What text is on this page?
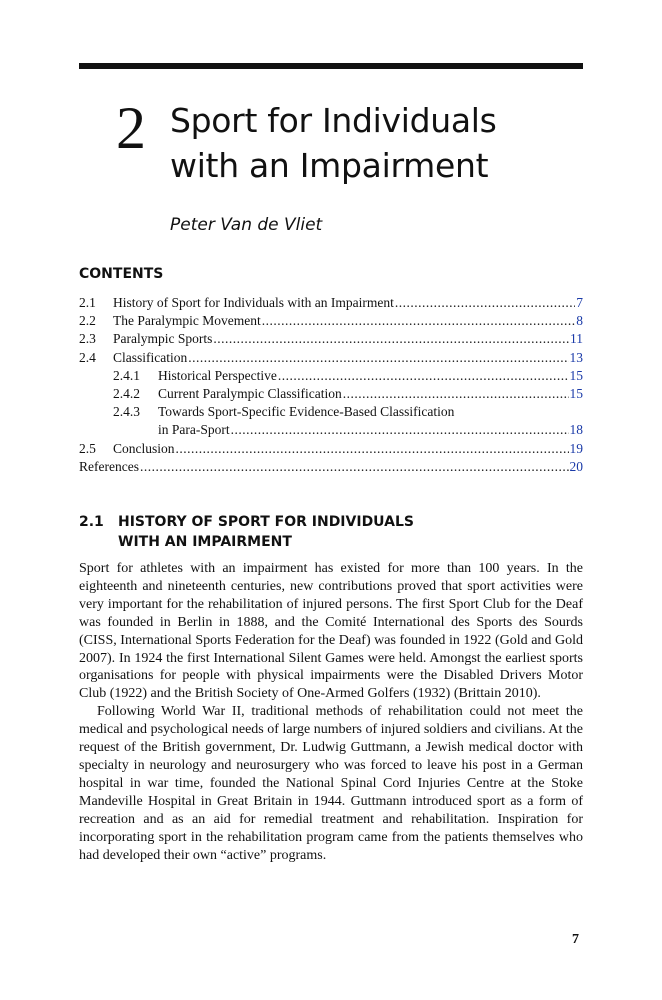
2 Sport for Individuals
with an Impairment
Peter Van de Vliet
CONTENTS
2.1	History of Sport for Individuals with an Impairment .....	7
2.2	The Paralympic Movement .....	8
2.3	Paralympic Sports .....	11
2.4	Classification .....	13
2.4.1	Historical Perspective .....	15
2.4.2	Current Paralympic Classification .....	15
2.4.3	Towards Sport-Specific Evidence-Based Classification
in Para-Sport .....	18
2.5	Conclusion .....	19
References .....	20
2.1 HISTORY OF SPORT FOR INDIVIDUALS
WITH AN IMPAIRMENT

Sport for athletes with an impairment has existed for more than 100 years. In the eighteenth and nineteenth centuries, new contributions proved that sport activities were very important for the rehabilitation of injured persons. The first Sport Club for the Deaf was founded in Berlin in 1888, and the Comité International des Sports des Sourds (CISS, International Sports Federation for the Deaf) was founded in 1922 (Gold and Gold 2007). In 1924 the first International Silent Games were held. Amongst the earliest sports organisations for people with physical impairments were the Disabled Drivers Motor Club (1922) and the British Society of One-Armed Golfers (1932) (Brittain 2010).

Following World War II, traditional methods of rehabilitation could not meet the medical and psychological needs of large numbers of injured soldiers and civilians. At the request of the British government, Dr. Ludwig Guttmann, a Jewish medical doctor with specialty in neurology and neurosurgery who was forced to leave his post in a German hospital in war time, founded the National Spinal Cord Injuries Centre at the Stoke Mandeville Hospital in Great Britain in 1944. Guttmann introduced sport as a form of recreation and as an aid for remedial treatment and rehabilitation. Inspiration for incorporating sport in the rehabilitation program came from the patients themselves who had developed their own “active” programs.

7
